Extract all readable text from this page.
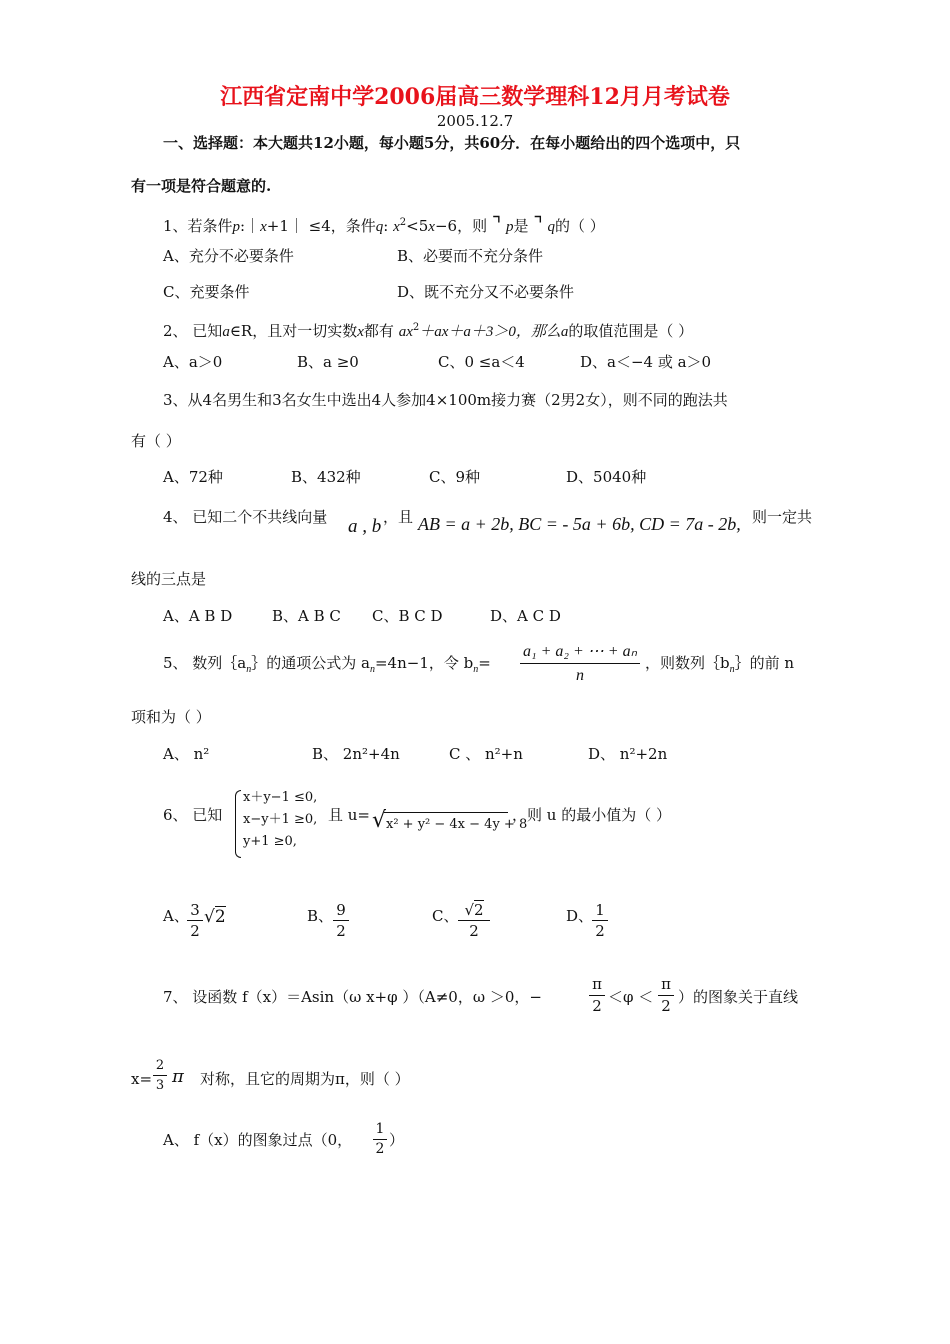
江西省定南中学2006届高三数学理科12月月考试卷
2005.12.7
一、选择题：本大题共12小题，每小题5分，共60分．在每小题给出的四个选项中，只
有一项是符合题意的.
1、若条件p:｜x+1｜ ≤4，条件q: $x^2<5x-6$，则 ⌝ p是 ⌝ q的（ ）
A、充分不必要条件	B、必要而不充分条件
C、充要条件	D、既不充分又不必要条件
2、 已知a∈R，且对一切实数x都有 $ax^2+ax+a+3>0$，那么a的取值范围是（ ）
A、a＞0	B、a ≥0	C、0 ≤a＜4	D、a＜−4 或 a＞0
3、从4名男生和3名女生中选出4人参加4×100m接力赛（2男2女），则不同的跑法共
有（ ）
A、72种	B、432种	C、9种	D、5040种
4、 已知二个不共线向量 a , b ，且 AB = a + 2b, BC = - 5a + 6b, CD = 7a - 2b, 则一定共
线的三点是
A、A B D	B、A B C C、B C D	D、A C D
5、 数列$\{a_n\}$的通项公式为 $a_n=4n-1$，令 $b_n= \frac{\text{a₁ + a₂ + ⋯ + aₙ}}{n}$ ，则数列$\{b_n\}$的前 n
项和为（ ）
A、 n²	B、 2n²+4n	C 、 n²+n	D、 n²+2n
6、 已知
x＋y−1 ≤0,
x−y＋1 ≥0,
y+1 ≥0,
且 u= √ x² + y² − 4x − 4y + 8
，则 u 的最小值为（ ）
A、 3
2
√2	B、 9
2
C、 √2
2
D、 1
2
7、 设函数 f（x）＝Asin（ω x+φ ）（A≠0，ω ＞0，−
π
2 ＜φ ＜
π
2 ）的图象关于直线
x=
2
3 π 对称，且它的周期为π，则（ ）
A、 f（x）的图象过点（0，
1
2 ）
